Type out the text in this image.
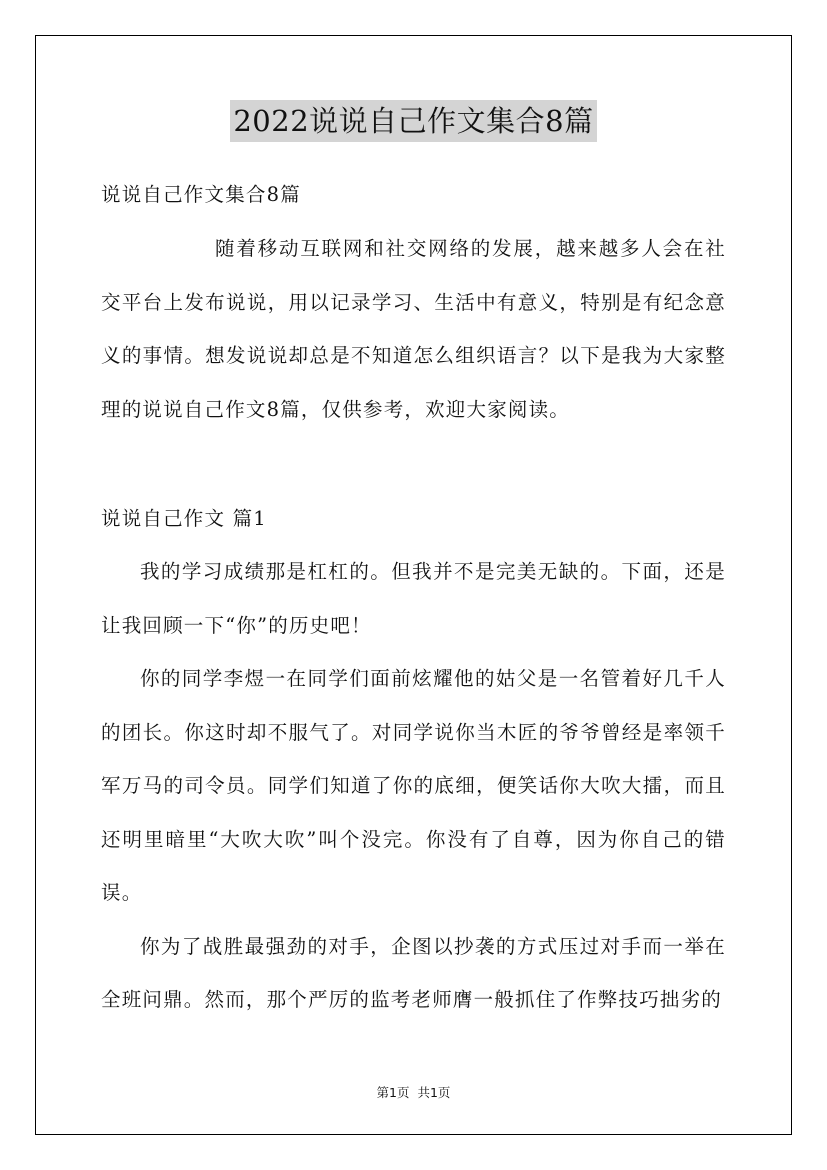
2022说说自己作文集合8篇
说说自己作文集合8篇
随着移动互联网和社交网络的发展，越来越多人会在社交平台上发布说说，用以记录学习、生活中有意义，特别是有纪念意义的事情。想发说说却总是不知道怎么组织语言？以下是我为大家整理的说说自己作文8篇，仅供参考，欢迎大家阅读。
说说自己作文 篇1

我的学习成绩那是杠杠的。但我并不是完美无缺的。下面，还是让我回顾一下“你”的历史吧！

你的同学李煜一在同学们面前炫耀他的姑父是一名管着好几千人的团长。你这时却不服气了。对同学说你当木匠的爷爷曾经是率领千军万马的司令员。同学们知道了你的底细，便笑话你大吹大擂，而且还明里暗里“大吹大吹”叫个没完。你没有了自尊，因为你自己的错误。

你为了战胜最强劲的对手，企图以抄袭的方式压过对手而一举在全班问鼎。然而，那个严厉的监考老师膺一般抓住了作弊技巧拙劣的

第1页 共1页
